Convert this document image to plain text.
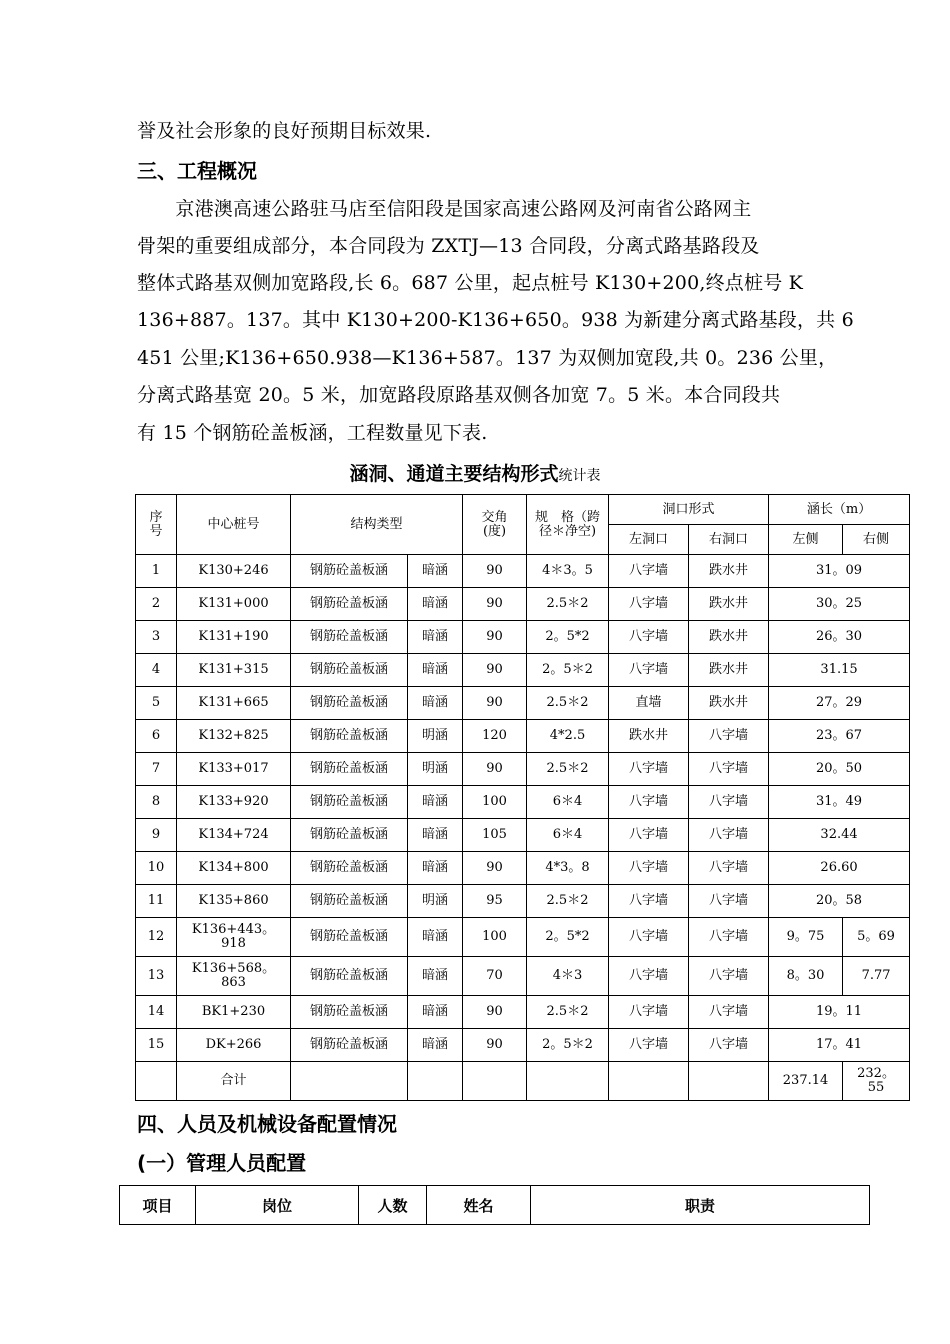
誉及社会形象的良好预期目标效果.
三、工程概况
　　京港澳高速公路驻马店至信阳段是国家高速公路网及河南省公路网主
骨架的重要组成部分，本合同段为 ZXTJ—13 合同段，分离式路基路段及
整体式路基双侧加宽路段,长 6。687 公里，起点桩号 K130+200,终点桩号 K
136+887。137。其中 K130+200-K136+650。938 为新建分离式路基段，共 6
451 公里;K136+650.938—K136+587。137 为双侧加宽段,共 0。236 公里，
分离式路基宽 20。5 米，加宽路段原路基双侧各加宽 7。5 米。本合同段共
有 15 个钢筋砼盖板涵，工程数量见下表.
涵洞、通道主要结构形式统计表
序号	中心桩号	结构类型		交角(度)	规　格（跨径＊净空)	洞口形式		涵长（m）	
						左洞口	右洞口	左侧	右侧
1	K130+246	钢筋砼盖板涵	暗涵	90	4＊3。5	八字墙	跌水井	31。09	
2	K131+000	钢筋砼盖板涵	暗涵	90	2.5＊2	八字墙	跌水井	30。25	
3	K131+190	钢筋砼盖板涵	暗涵	90	2。5*2	八字墙	跌水井	26。30	
4	K131+315	钢筋砼盖板涵	暗涵	90	2。5＊2	八字墙	跌水井	31.15	
5	K131+665	钢筋砼盖板涵	暗涵	90	2.5＊2	直墙	跌水井	27。29	
6	K132+825	钢筋砼盖板涵	明涵	120	4*2.5	跌水井	八字墙	23。67	
7	K133+017	钢筋砼盖板涵	明涵	90	2.5＊2	八字墙	八字墙	20。50	
8	K133+920	钢筋砼盖板涵	暗涵	100	6＊4	八字墙	八字墙	31。49	
9	K134+724	钢筋砼盖板涵	暗涵	105	6＊4	八字墙	八字墙	32.44	
10	K134+800	钢筋砼盖板涵	暗涵	90	4*3。8	八字墙	八字墙	26.60	
11	K135+860	钢筋砼盖板涵	明涵	95	2.5＊2	八字墙	八字墙	20。58	
12	K136+443。918	钢筋砼盖板涵	暗涵	100	2。5*2	八字墙	八字墙	9。75	5。69
13	K136+568。863	钢筋砼盖板涵	暗涵	70	4＊3	八字墙	八字墙	8。30	7.77
14	BK1+230	钢筋砼盖板涵	暗涵	90	2.5＊2	八字墙	八字墙	19。11	
15	DK+266	钢筋砼盖板涵	暗涵	90	2。5＊2	八字墙	八字墙	17。41	
	合计							237.14	232。55
四、人员及机械设备配置情况
(一）管理人员配置
项目	岗位	人数	姓名	职责
